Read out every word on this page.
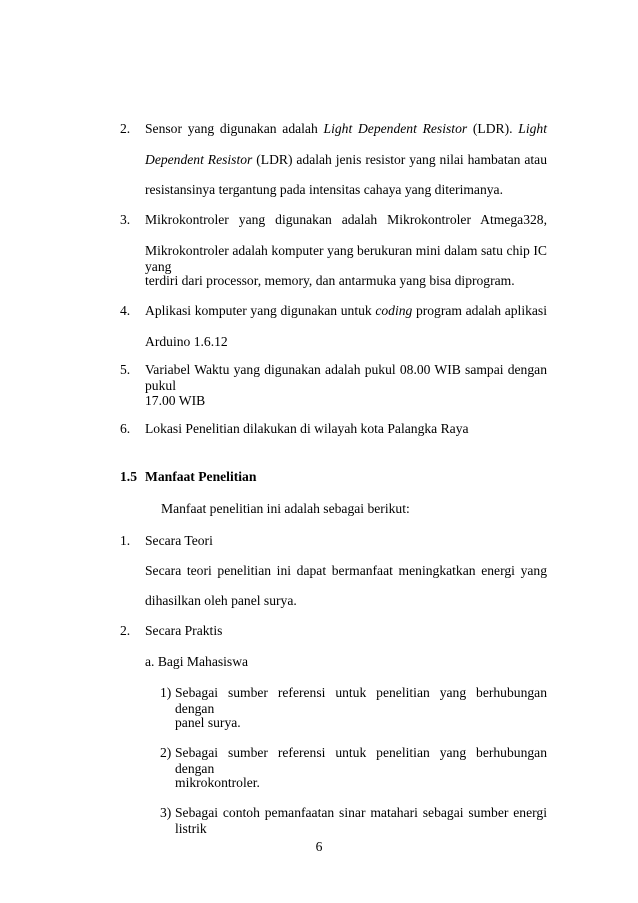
2. Sensor yang digunakan adalah Light Dependent Resistor (LDR). Light
Dependent Resistor (LDR) adalah jenis resistor yang nilai hambatan atau
resistansinya tergantung pada intensitas cahaya yang diterimanya.
3. Mikrokontroler yang digunakan adalah Mikrokontroler Atmega328,
Mikrokontroler adalah komputer yang berukuran mini dalam satu chip IC yang
terdiri dari processor, memory, dan antarmuka yang bisa diprogram.
4. Aplikasi komputer yang digunakan untuk coding program adalah aplikasi
Arduino 1.6.12
5. Variabel Waktu yang digunakan adalah pukul 08.00 WIB sampai dengan pukul
17.00 WIB
6. Lokasi Penelitian dilakukan di wilayah kota Palangka Raya
1.5 Manfaat Penelitian
Manfaat penelitian ini adalah sebagai berikut:
1. Secara Teori
Secara teori penelitian ini dapat bermanfaat meningkatkan energi yang
dihasilkan oleh panel surya.
2. Secara Praktis
a. Bagi Mahasiswa
1) Sebagai sumber referensi untuk penelitian yang berhubungan dengan
panel surya.
2) Sebagai sumber referensi untuk penelitian yang berhubungan dengan
mikrokontroler.
3) Sebagai contoh pemanfaatan sinar matahari sebagai sumber energi listrik
6
